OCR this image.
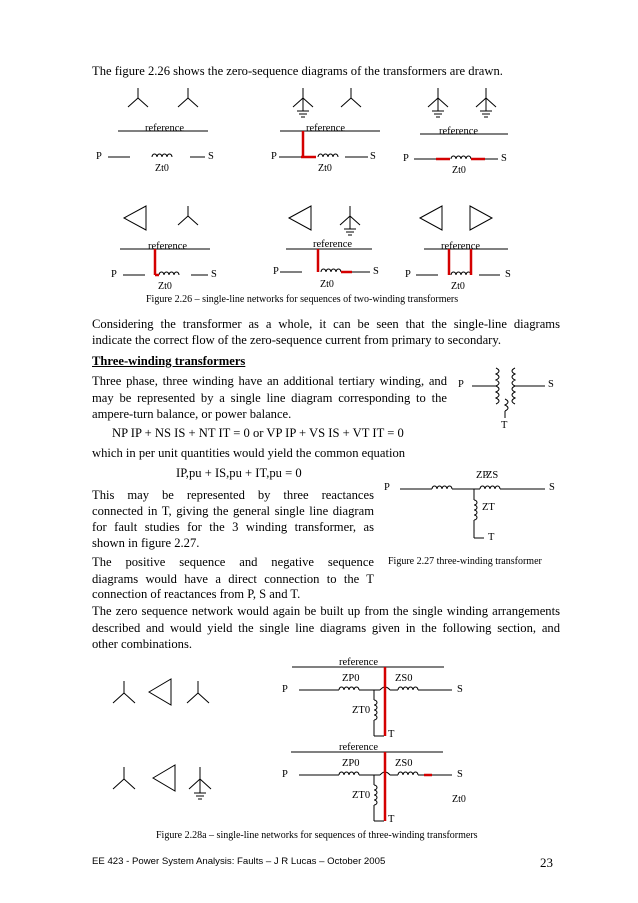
The figure 2.26 shows the zero-sequence diagrams of the transformers are drawn.
reference
P	S
Zt0
reference
P	S
Zt0
reference
P	S
Zt0
reference
P	S
Zt0
reference
P	S
Zt0
reference
P	S
Zt0
Figure 2.26 – single-line networks for sequences of two-winding transformers
Considering the transformer as a whole, it can be seen that the single-line diagrams
indicate the correct flow of the zero-sequence current from primary to secondary.
Three-winding transformers
Three phase, three winding have an additional tertiary winding, and
may be represented by a single line diagram corresponding to the
ampere-turn balance, or power balance.
P	S
T
NP IP + NS IS + NT IT = 0 or VP IP + VS IS + VT IT = 0
which in per unit quantities would yield the common equation
IP,pu + IS,pu + IT,pu = 0
This may be represented by three reactances
connected in T, giving the general single line diagram
for fault studies for the 3 winding transformer, as
shown in figure 2.27.
The positive sequence and negative sequence
diagrams would have a direct connection to the T
connection of reactances from P, S and T.
ZP
ZS
P	S
ZT
T
Figure 2.27 three-winding transformer
The zero sequence network would again be built up from the single winding arrangements
described and would yield the single line diagrams given in the following section, and
other combinations.
reference
ZP0	ZS0
P	S
ZT0
T
reference
ZP0	ZS0
P	S
ZT0	Zt0
T
Figure 2.28a – single-line networks for sequences of three-winding transformers
EE 423 - Power System Analysis: Faults – J R Lucas – October 2005	23
